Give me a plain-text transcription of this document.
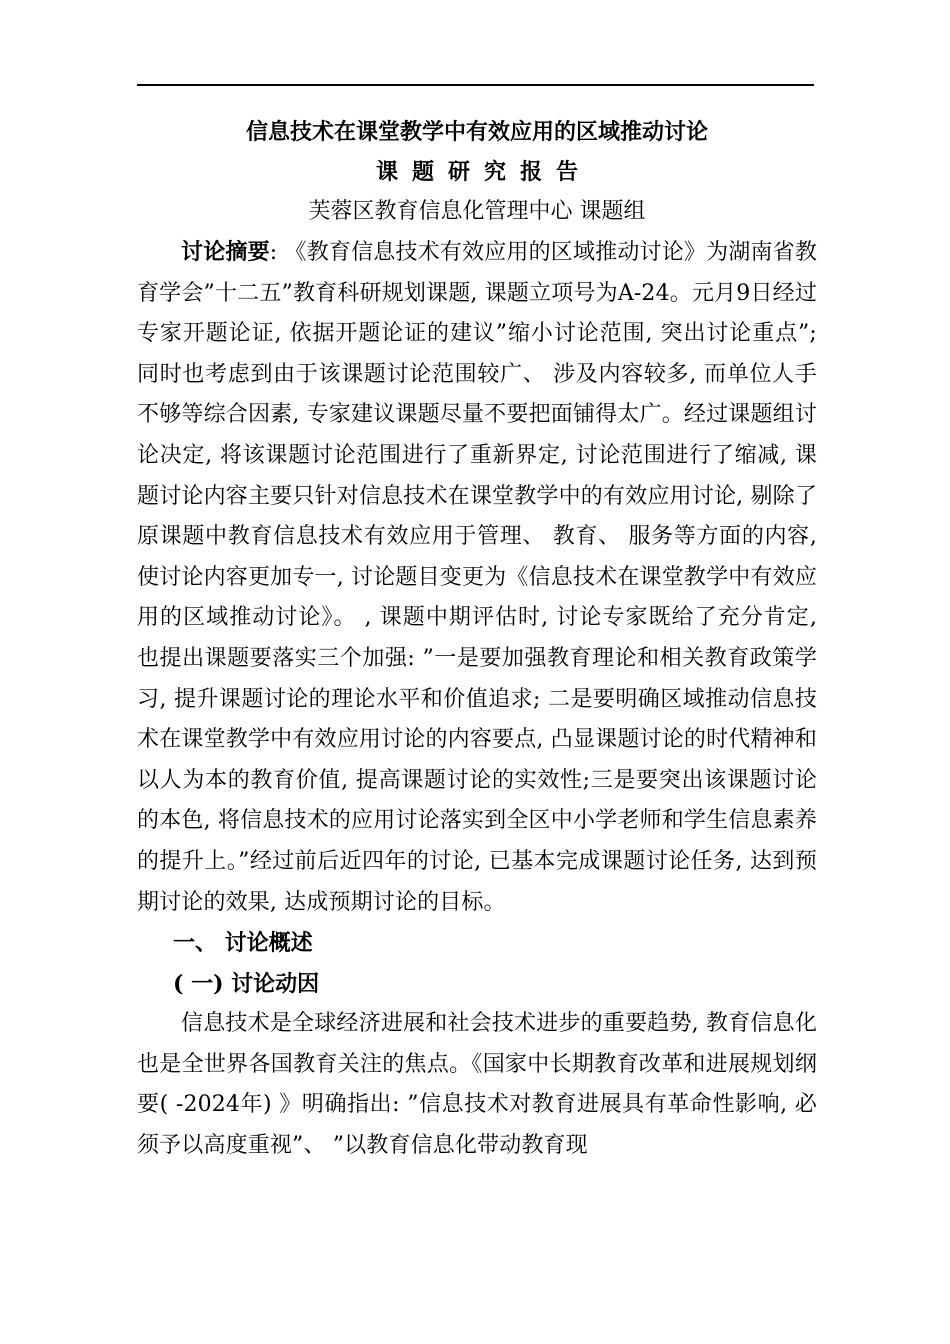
信息技术在课堂教学中有效应用的区域推动讨论
课题研究报告

芙蓉区教育信息化管理中心 课题组

讨论摘要: 《教育信息技术有效应用的区域推动讨论》为湖南省教育学会”十二五”教育科研规划课题, 课题立项号为A-24。元月9日经过专家开题论证, 依据开题论证的建议”缩小讨论范围, 突出讨论重点”; 同时也考虑到由于该课题讨论范围较广、 涉及内容较多, 而单位人手不够等综合因素, 专家建议课题尽量不要把面铺得太广。经过课题组讨论决定, 将该课题讨论范围进行了重新界定, 讨论范围进行了缩减, 课题讨论内容主要只针对信息技术在课堂教学中的有效应用讨论, 剔除了原课题中教育信息技术有效应用于管理、 教育、 服务等方面的内容, 使讨论内容更加专一, 讨论题目变更为《信息技术在课堂教学中有效应用的区域推动讨论》。 , 课题中期评估时, 讨论专家既给了充分肯定, 也提出课题要落实三个加强: ”一是要加强教育理论和相关教育政策学习, 提升课题讨论的理论水平和价值追求; 二是要明确区域推动信息技术在课堂教学中有效应用讨论的内容要点, 凸显课题讨论的时代精神和以人为本的教育价值, 提高课题讨论的实效性;三是要突出该课题讨论的本色, 将信息技术的应用讨论落实到全区中小学老师和学生信息素养的提升上。”经过前后近四年的讨论, 已基本完成课题讨论任务, 达到预期讨论的效果, 达成预期讨论的目标。

一、 讨论概述

( 一) 讨论动因

信息技术是全球经济进展和社会技术进步的重要趋势, 教育信息化也是全世界各国教育关注的焦点。《国家中长期教育改革和进展规划纲要( -2024年) 》明确指出: ”信息技术对教育进展具有革命性影响, 必须予以高度重视”、 ”以教育信息化带动教育现
